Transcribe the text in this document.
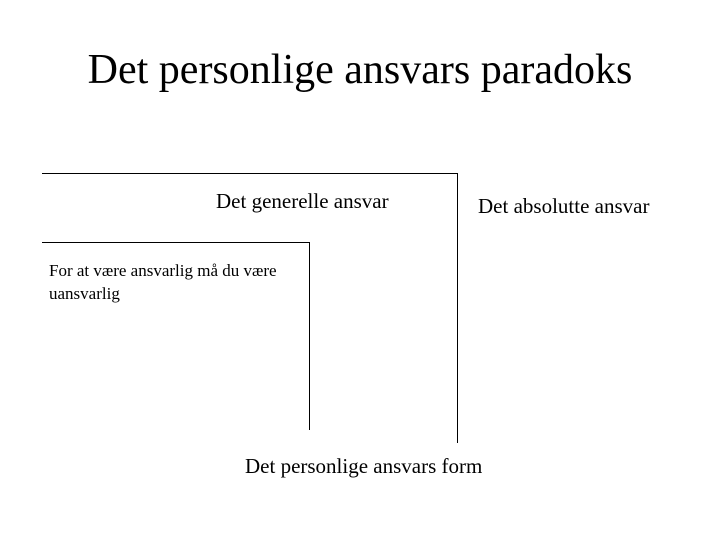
Det personlige ansvars paradoks
Det generelle ansvar	Det absolutte ansvar
For at være ansvarlig må du være uansvarlig
Det personlige ansvars form
